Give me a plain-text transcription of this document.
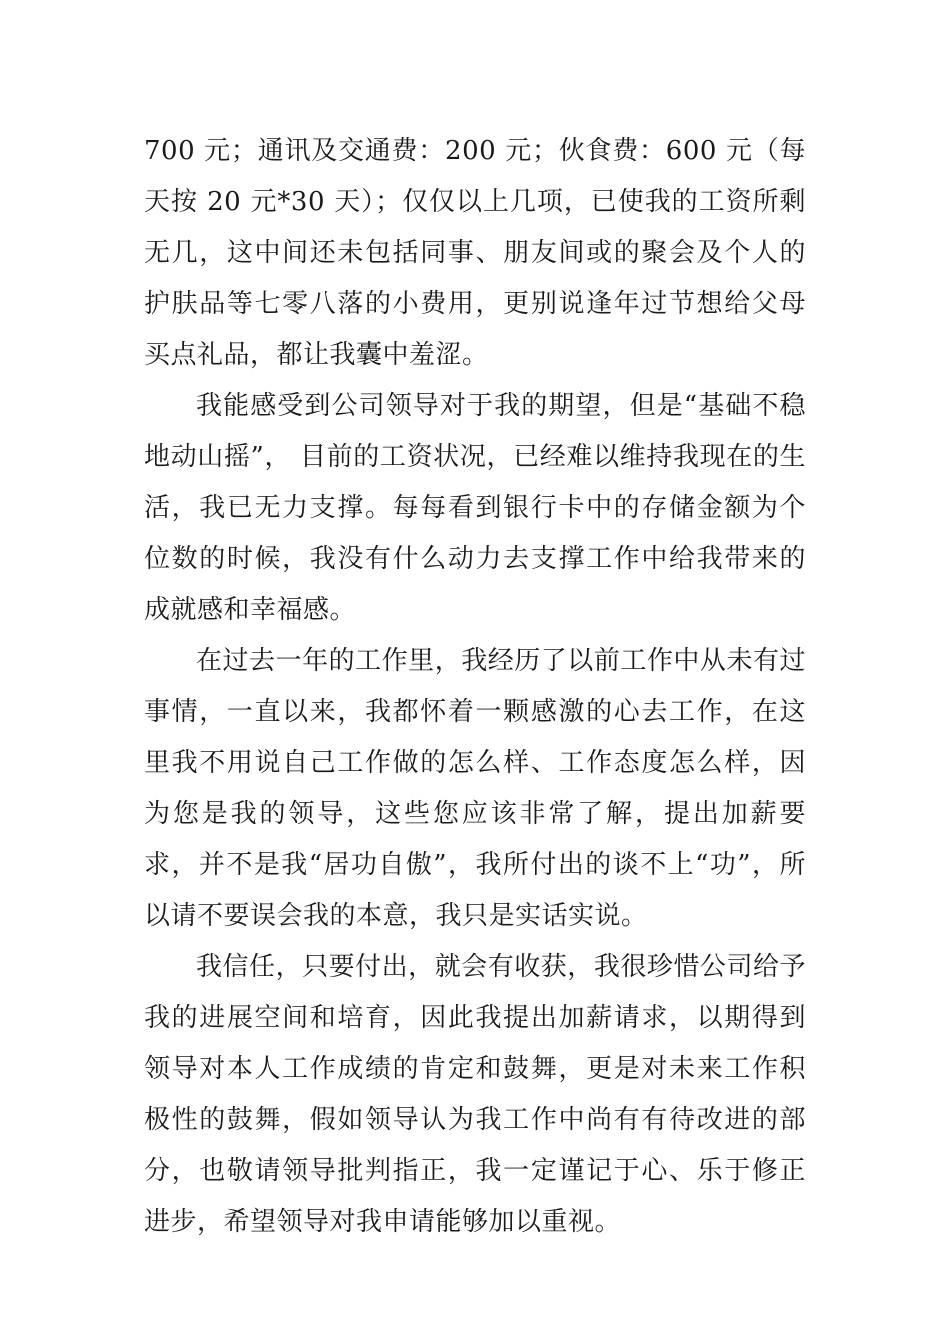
700 元；通讯及交通费：200 元；伙食费：600 元（每天按 20 元*30 天）；仅仅以上几项，已使我的工资所剩无几，这中间还未包括同事、朋友间或的聚会及个人的护肤品等七零八落的小费用，更别说逢年过节想给父母买点礼品，都让我囊中羞涩。

我能感受到公司领导对于我的期望，但是“基础不稳地动山摇”， 目前的工资状况，已经难以维持我现在的生活，我已无力支撑。每每看到银行卡中的存储金额为个位数的时候，我没有什么动力去支撑工作中给我带来的成就感和幸福感。

在过去一年的工作里，我经历了以前工作中从未有过事情，一直以来，我都怀着一颗感激的心去工作，在这里我不用说自己工作做的怎么样、工作态度怎么样，因为您是我的领导，这些您应该非常了解，提出加薪要求，并不是我“居功自傲”，我所付出的谈不上“功”，所以请不要误会我的本意，我只是实话实说。

我信任，只要付出，就会有收获，我很珍惜公司给予我的进展空间和培育，因此我提出加薪请求，以期得到领导对本人工作成绩的肯定和鼓舞，更是对未来工作积极性的鼓舞，假如领导认为我工作中尚有有待改进的部分，也敬请领导批判指正，我一定谨记于心、乐于修正进步，希望领导对我申请能够加以重视。
